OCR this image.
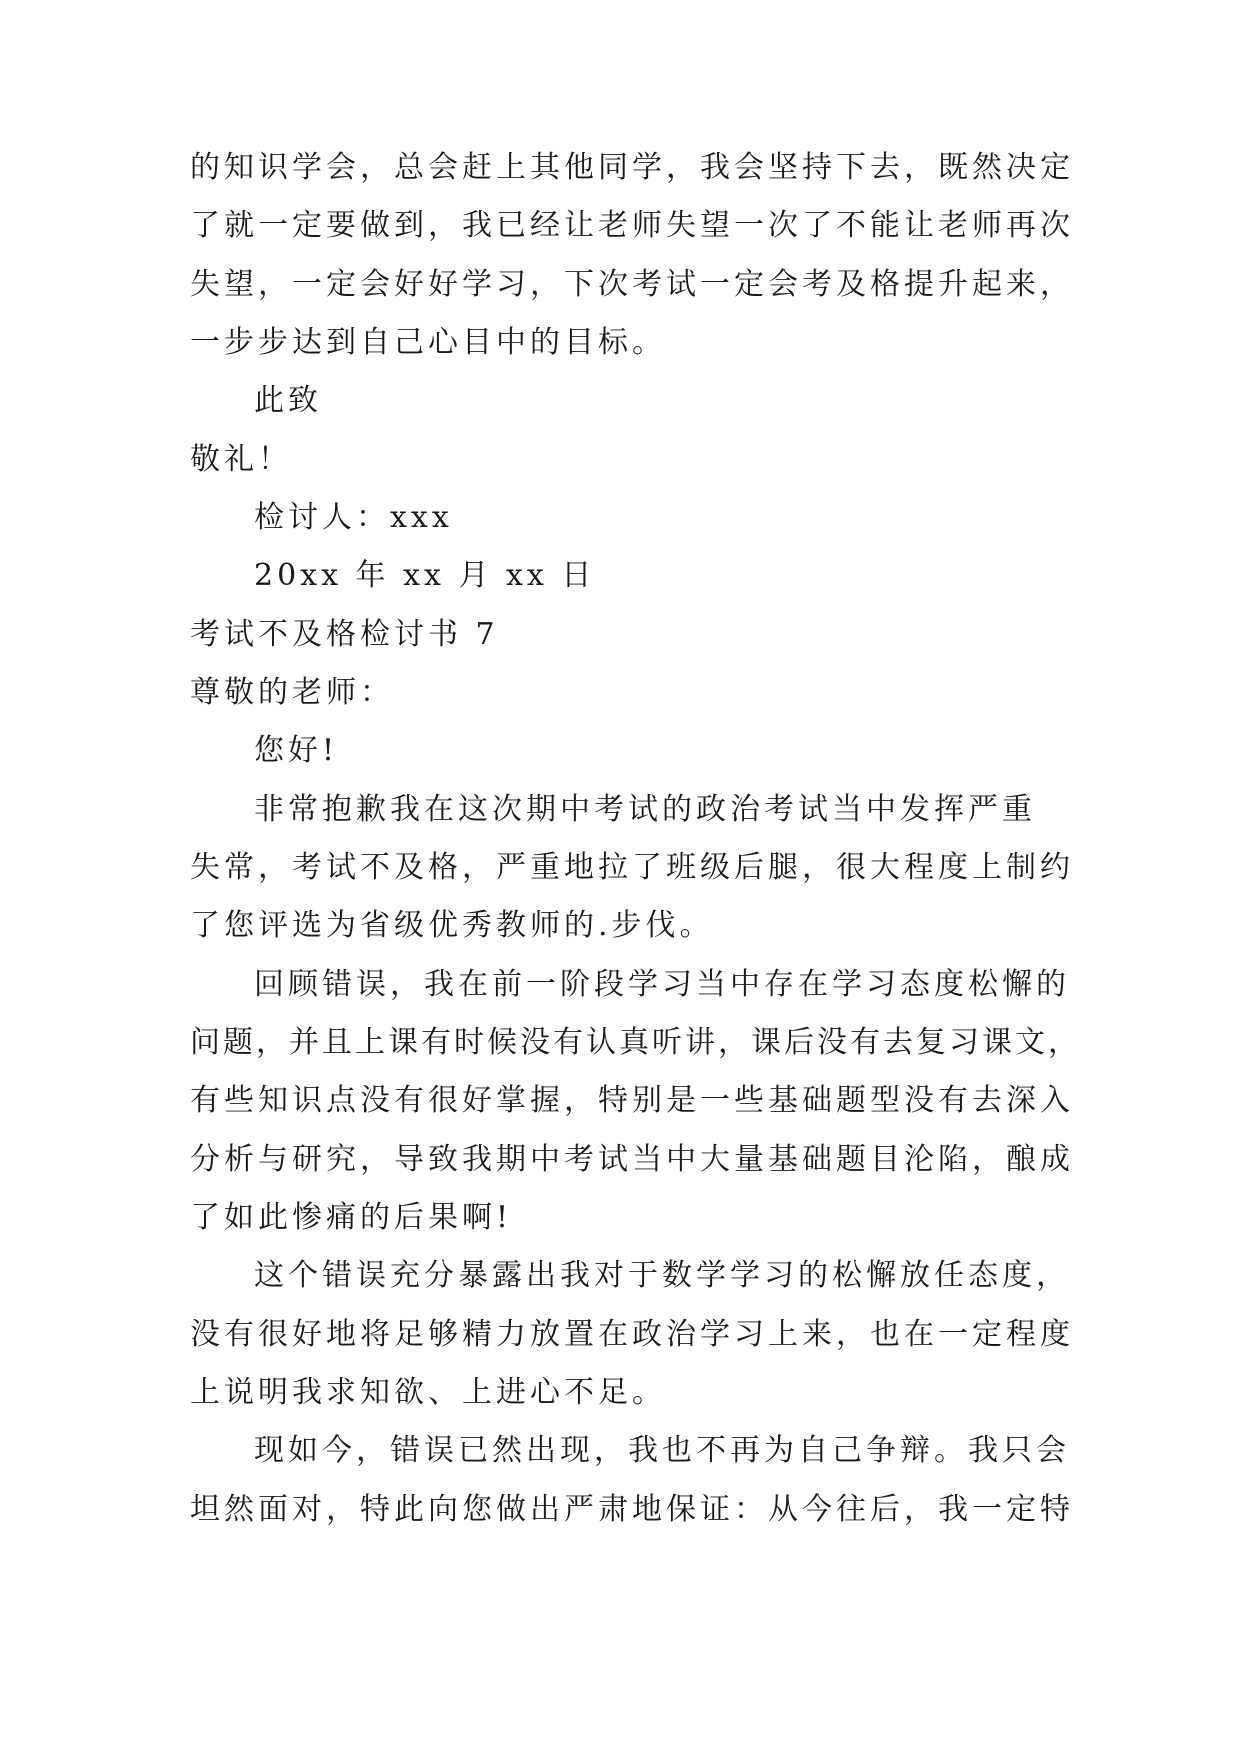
的知识学会，总会赶上其他同学，我会坚持下去，既然决定
了就一定要做到，我已经让老师失望一次了不能让老师再次
失望，一定会好好学习，下次考试一定会考及格提升起来，
一步步达到自己心目中的目标。
此致
敬礼！
检讨人：xxx
20xx 年 xx 月 xx 日
考试不及格检讨书 7
尊敬的老师：
您好!
非常抱歉我在这次期中考试的政治考试当中发挥严重
失常，考试不及格，严重地拉了班级后腿，很大程度上制约
了您评选为省级优秀教师的.步伐。
回顾错误，我在前一阶段学习当中存在学习态度松懈的
问题，并且上课有时候没有认真听讲，课后没有去复习课文，
有些知识点没有很好掌握，特别是一些基础题型没有去深入
分析与研究，导致我期中考试当中大量基础题目沦陷，酿成
了如此惨痛的后果啊!
这个错误充分暴露出我对于数学学习的松懈放任态度，
没有很好地将足够精力放置在政治学习上来，也在一定程度
上说明我求知欲、上进心不足。
现如今，错误已然出现，我也不再为自己争辩。我只会
坦然面对，特此向您做出严肃地保证：从今往后，我一定特
